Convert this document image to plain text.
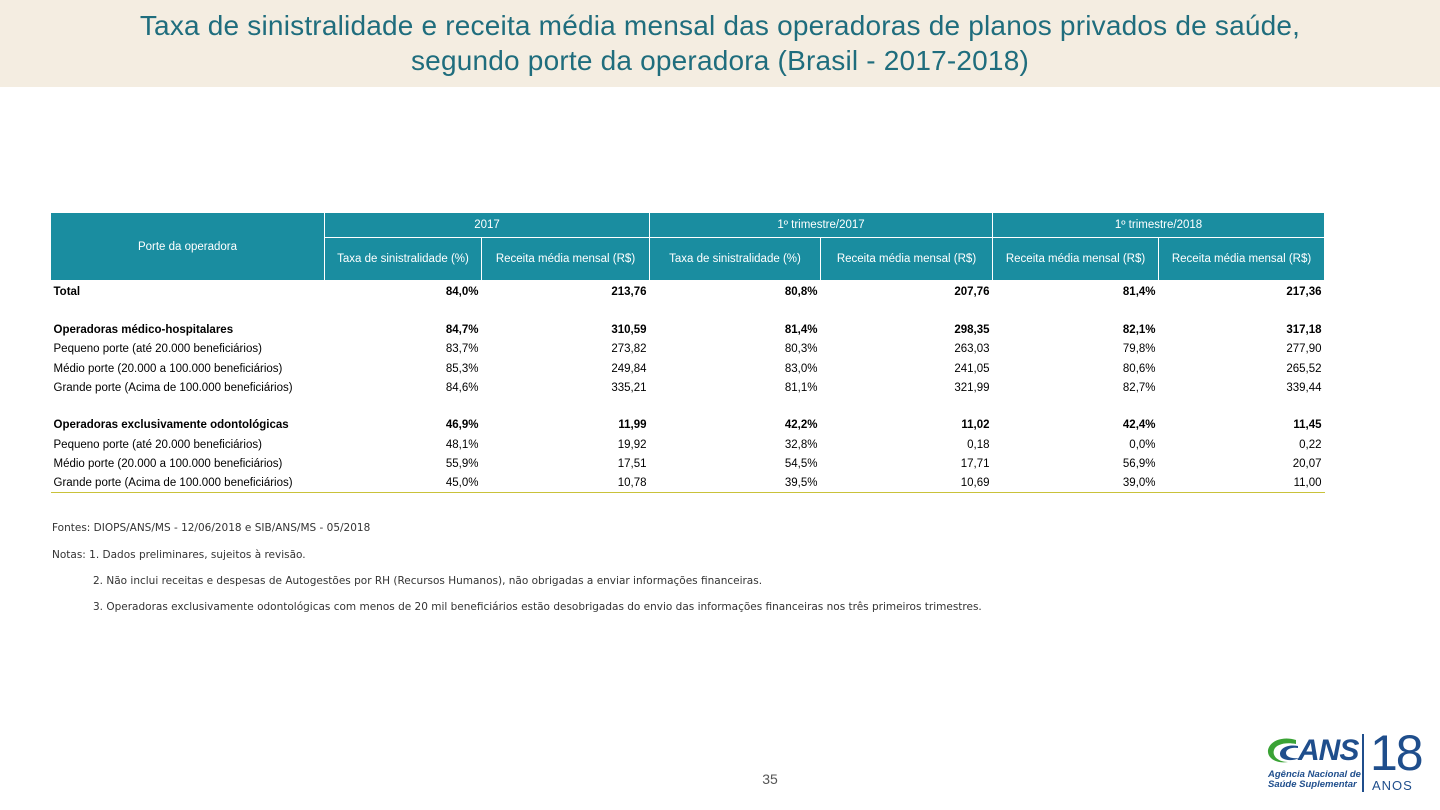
Taxa de sinistralidade e receita média mensal das operadoras de planos privados de saúde,
segundo porte da operadora (Brasil - 2017-2018)
Porte da operadora	2017		1º trimestre/2017		1º trimestre/2018	
	Taxa de sinistralidade (%)	Receita média mensal (R$)	Taxa de sinistralidade (%)	Receita média mensal (R$)	Receita média mensal (R$)	Receita média mensal (R$)
Total	84,0%	213,76	80,8%	207,76	81,4%	217,36

Operadoras médico-hospitalares	84,7%	310,59	81,4%	298,35	82,1%	317,18
Pequeno porte (até 20.000 beneficiários)	83,7%	273,82	80,3%	263,03	79,8%	277,90
Médio porte (20.000 a 100.000 beneficiários)	85,3%	249,84	83,0%	241,05	80,6%	265,52
Grande porte (Acima de 100.000 beneficiários)	84,6%	335,21	81,1%	321,99	82,7%	339,44

Operadoras exclusivamente odontológicas	46,9%	11,99	42,2%	11,02	42,4%	11,45
Pequeno porte (até 20.000 beneficiários)	48,1%	19,92	32,8%	0,18	0,0%	0,22
Médio porte (20.000 a 100.000 beneficiários)	55,9%	17,51	54,5%	17,71	56,9%	20,07
Grande porte (Acima de 100.000 beneficiários)	45,0%	10,78	39,5%	10,69	39,0%	11,00
Fontes: DIOPS/ANS/MS - 12/06/2018 e SIB/ANS/MS - 05/2018
Notas: 1. Dados preliminares, sujeitos à revisão.
2. Não inclui receitas e despesas de Autogestões por RH (Recursos Humanos), não obrigadas a enviar informações financeiras.
3. Operadoras exclusivamente odontológicas com menos de 20 mil beneficiários estão desobrigadas do envio das informações financeiras nos três primeiros trimestres.
35
ANS
Agência Nacional de
Saúde Suplementar
18
ANOS
